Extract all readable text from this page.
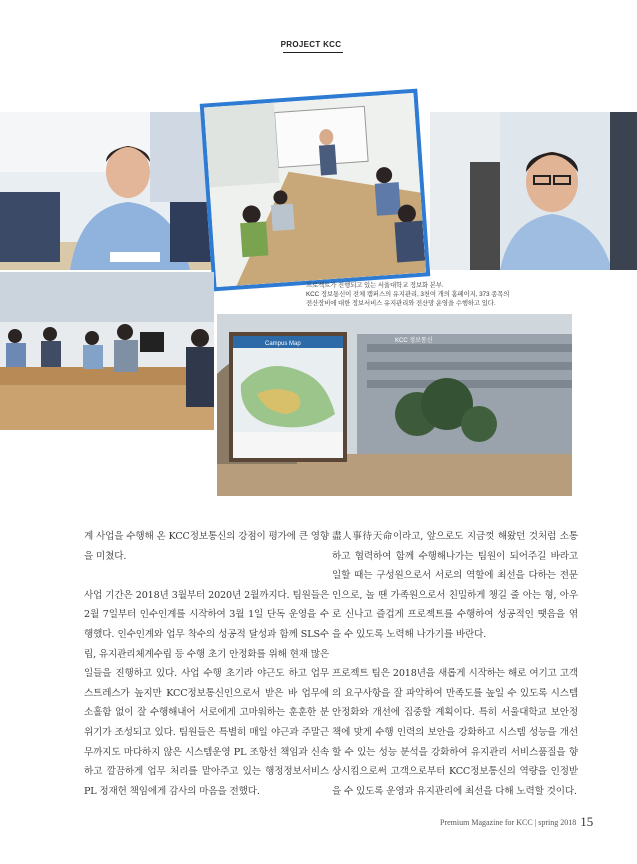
PROJECT KCC
프로젝트가 진행되고 있는 서울대학교 정보화 본부.
KCC 정보통신이 전체 캠퍼스의 유지관리, 3천여 개의 홈페이지, 373 종목의
전산장비에 대한 정보서비스 유지관리와 전산망 운영을 수행하고 있다.
KCC 정보통신
Campus Map

계 사업을 수행해 온 KCC정보통신의 강점이 평가에 큰 영향을 미쳤다.

사업 기간은 2018년 3월부터 2020년 2월까지다. 팀원들은 2월 7일부터 인수인계를 시작하여 3월 1일 단독 운영을 수행했다. 인수인계와 업무 착수의 성공적 달성과 함께 SLS수립, 유지관리체계수립 등 수행 초기 안정화를 위해 현재 많은 일들을 진행하고 있다. 사업 수행 초기라 야근도 하고 업무 스트레스가 높지만 KCC정보통신인으로서 받은 바 업무에 소홀함 없이 잘 수행해내어 서로에게 고마워하는 훈훈한 분위기가 조성되고 있다. 팀원들은 특별히 매일 야근과 주말근무까지도 마다하지 않은 시스템운영 PL 조항선 책임과 신속하고 깔끔하게 업무 처리를 맡아주고 있는 행정정보서비스 PL 정재헌 책임에게 감사의 마음을 전했다.

盡人事待天命이라고, 앞으로도 지금껏 해왔던 것처럼 소통하고 협력하여 함께 수행해나가는 팀원이 되어주길 바라고 일할 때는 구성원으로서 서로의 역할에 최선을 다하는 전문인으로, 놀 땐 가족원으로서 친밀하게 챙길 줄 아는 형, 아우로 신나고 즐겁게 프로젝트를 수행하여 성공적인 땟음을 엮을 수 있도록 노력해 나가기를 바란다.

프로젝트 팀은 2018년을 새롭게 시작하는 해로 여기고 고객의 요구사항을 잘 파악하여 만족도를 높일 수 있도록 시스템 안정화와 개선에 집중할 계획이다. 특히 서울대학교 보안정책에 맞게 수행 인력의 보안을 강화하고 시스템 성능을 개선할 수 있는 성능 분석을 강화하여 유지관리 서비스품질을 향상시킴으로써 고객으로부터 KCC정보통신의 역량을 인정받을 수 있도록 운영과 유지관리에 최선을 다해 노력할 것이다.

Premium Magazine for KCC | spring 2018 15
